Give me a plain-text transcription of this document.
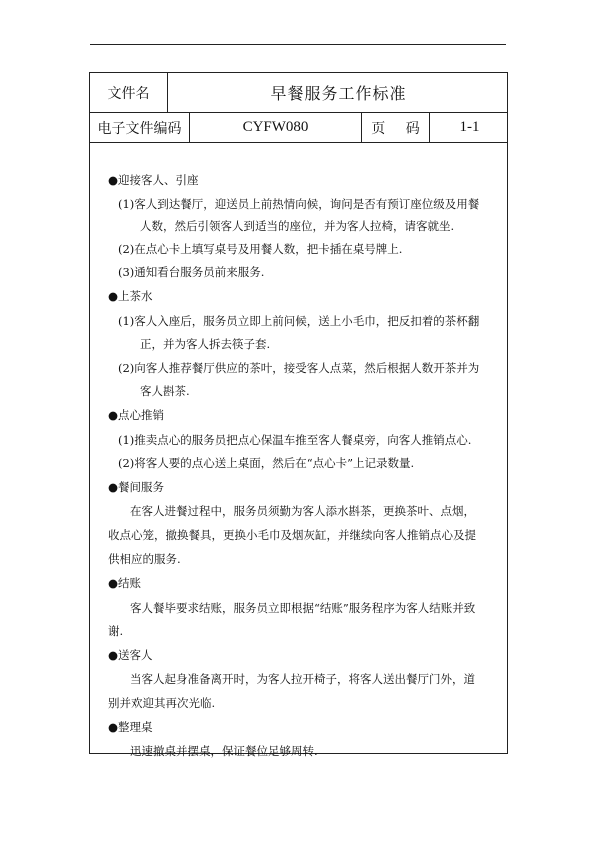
文件名	早餐服务工作标准
电子文件编码	CYFW080	页 码	1-1
●迎接客人、引座
(1)客人到达餐厅，迎送员上前热情向候，询问是否有预订座位级及用餐
人数，然后引领客人到适当的座位，并为客人拉椅，请客就坐.
(2)在点心卡上填写桌号及用餐人数，把卡插在桌号牌上.
(3)通知看台服务员前来服务.
●上茶水
(1)客人入座后，服务员立即上前问候，送上小毛巾，把反扣着的茶杯翻
正，并为客人拆去筷子套.
(2)向客人推荐餐厅供应的茶叶，接受客人点菜，然后根据人数开茶并为
客人斟茶.
●点心推销
(1)推卖点心的服务员把点心保温车推至客人餐桌旁，向客人推销点心.
(2)将客人要的点心送上桌面，然后在“点心卡”上记录数量.
●餐间服务
在客人进餐过程中，服务员须勤为客人添水斟茶，更换茶叶、点烟，
收点心笼，撤换餐具，更换小毛巾及烟灰缸，并继续向客人推销点心及提
供相应的服务.
●结账
客人餐毕要求结账，服务员立即根据“结账”服务程序为客人结账并致
谢.
●送客人
当客人起身准备离开时，为客人拉开椅子，将客人送出餐厅门外，道
别并欢迎其再次光临.
●整理桌
迅速撤桌并摆桌，保证餐位足够周转.
